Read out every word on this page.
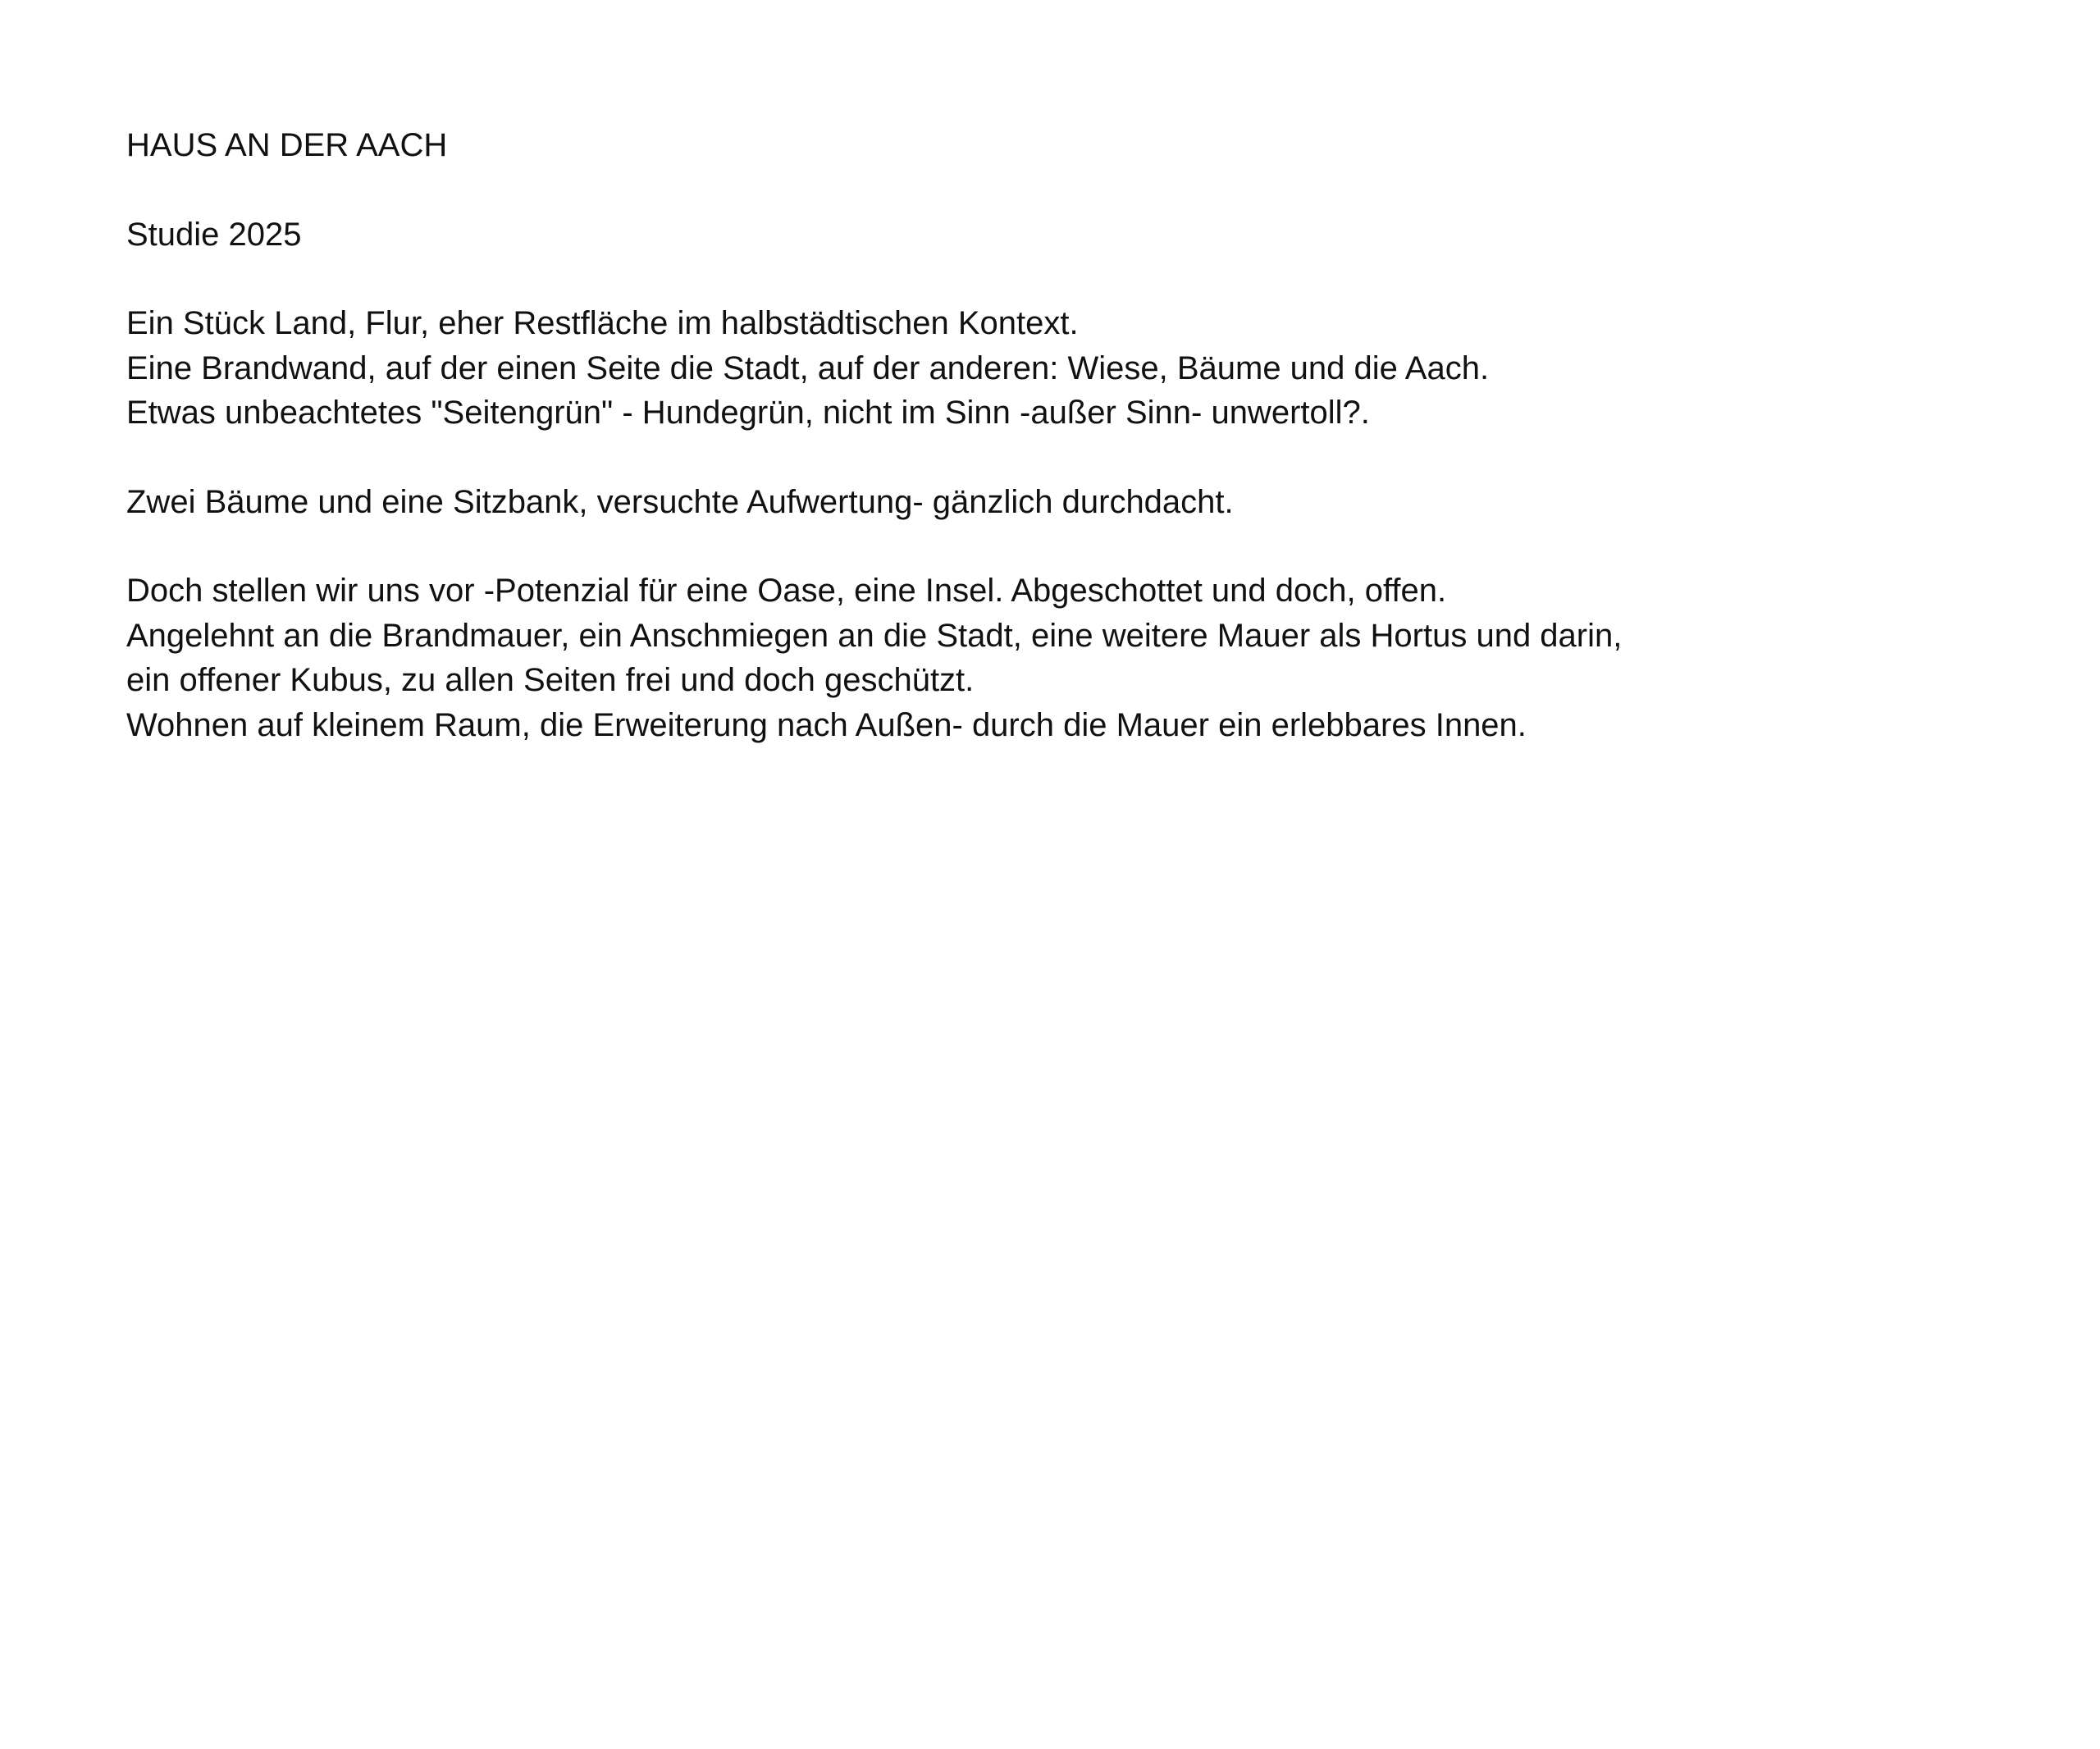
HAUS AN DER AACH
Studie 2025
Ein Stück Land, Flur, eher Restfläche im halbstädtischen Kontext.
Eine Brandwand, auf der einen Seite die Stadt, auf der anderen: Wiese, Bäume und die Aach.
Etwas unbeachtetes "Seitengrün" - Hundegrün, nicht im Sinn -außer Sinn- unwertoll?.
Zwei Bäume und eine Sitzbank, versuchte Aufwertung- gänzlich durchdacht.
Doch stellen wir uns vor -Potenzial für eine Oase, eine Insel. Abgeschottet und doch, offen.
Angelehnt an die Brandmauer, ein Anschmiegen an die Stadt, eine weitere Mauer als Hortus und darin,
ein offener Kubus, zu allen Seiten frei und doch geschützt.
Wohnen auf kleinem Raum, die Erweiterung nach Außen- durch die Mauer ein erlebbares Innen.
